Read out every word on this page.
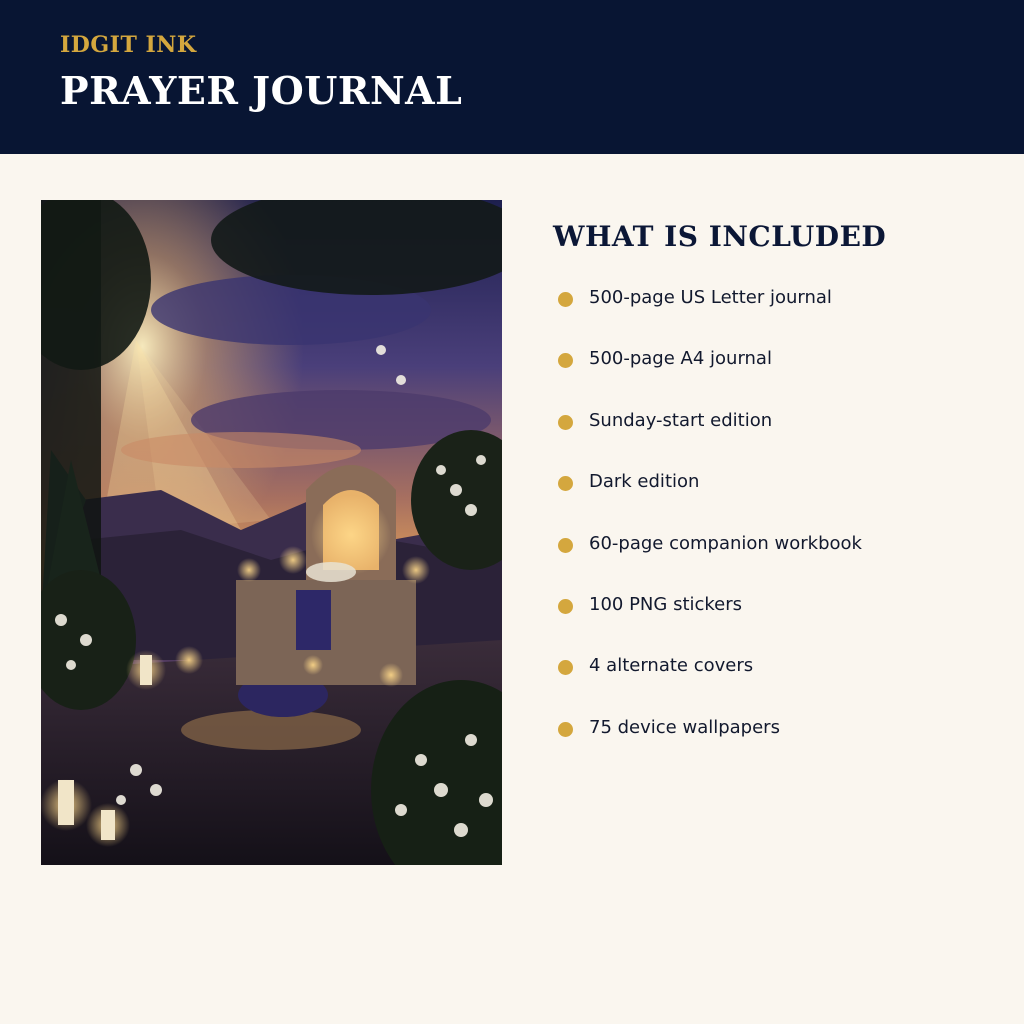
IDGIT INK
PRAYER JOURNAL
WHAT IS INCLUDED
500-page US Letter journal
500-page A4 journal
Sunday-start edition
Dark edition
60-page companion workbook
100 PNG stickers
4 alternate covers
75 device wallpapers
